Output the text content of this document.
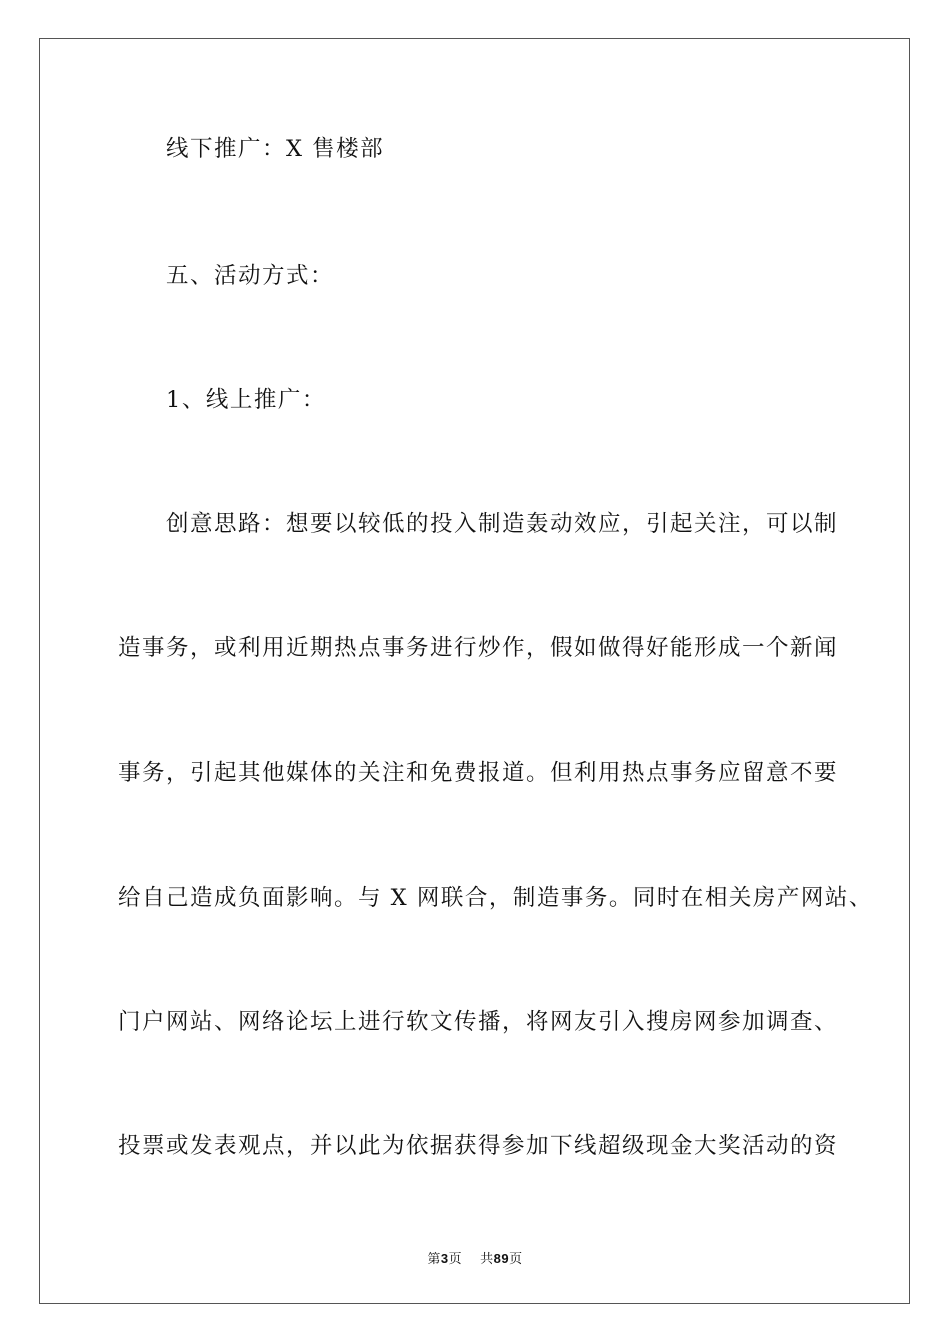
线下推广：X 售楼部
五、活动方式：
1、线上推广：
创意思路：想要以较低的投入制造轰动效应，引起关注，可以制
造事务，或利用近期热点事务进行炒作，假如做得好能形成一个新闻
事务，引起其他媒体的关注和免费报道。但利用热点事务应留意不要
给自己造成负面影响。与 X 网联合，制造事务。同时在相关房产网站、
门户网站、网络论坛上进行软文传播，将网友引入搜房网参加调查、
投票或发表观点，并以此为依据获得参加下线超级现金大奖活动的资
第3页 共89页
